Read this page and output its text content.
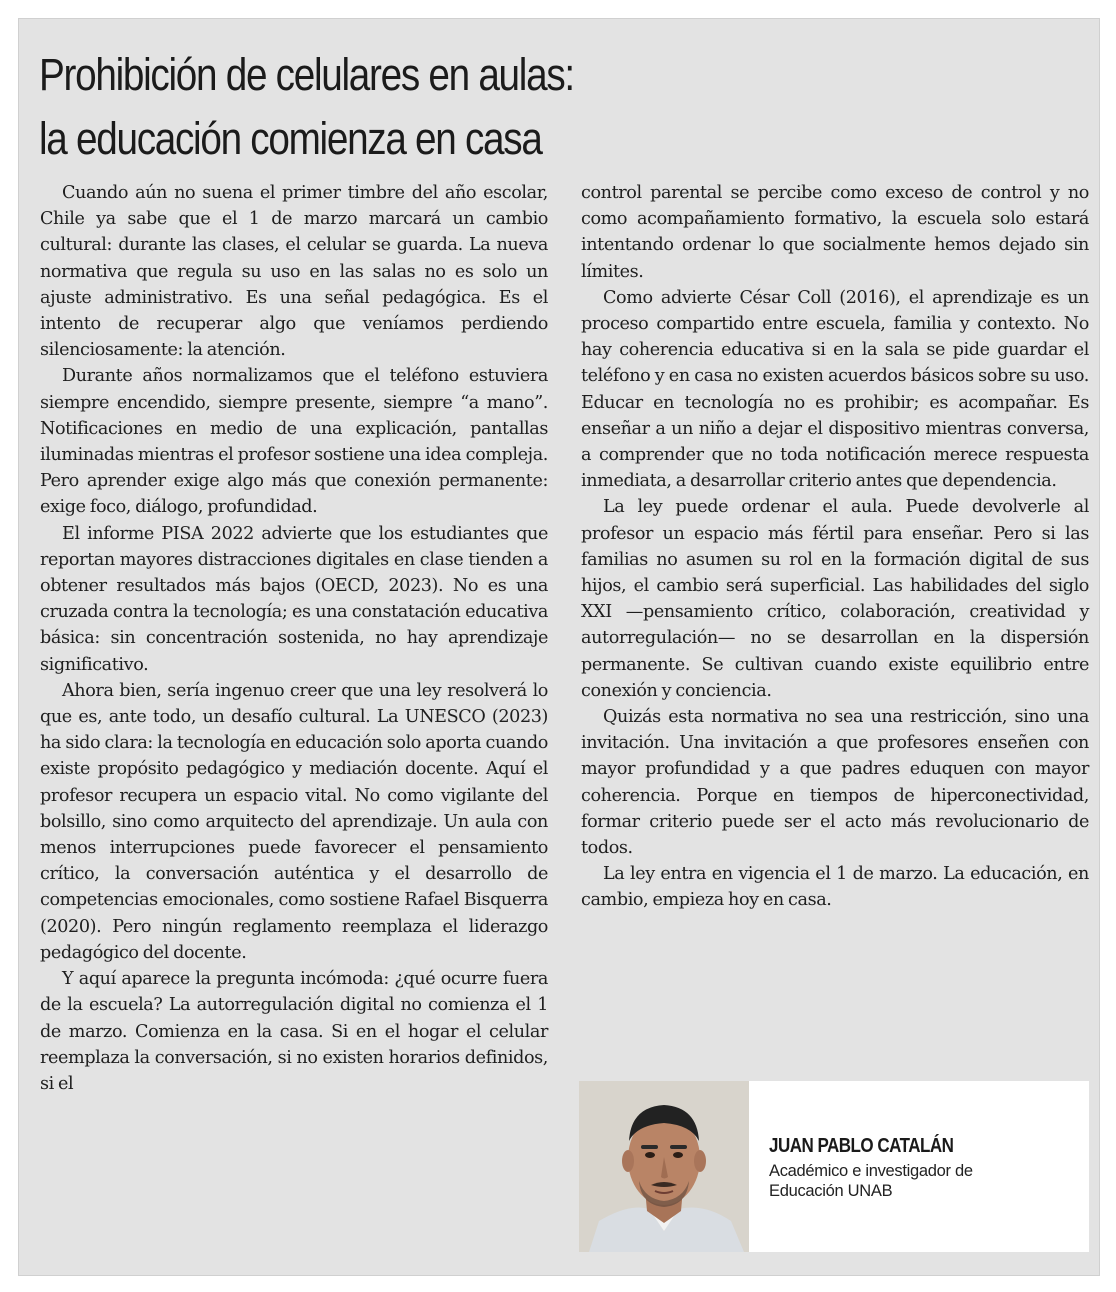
Prohibición de celulares en aulas:
la educación comienza en casa

Cuando aún no suena el primer timbre del año escolar, Chile ya sabe que el 1 de marzo marcará un cambio cultural: durante las clases, el celular se guarda. La nueva normativa que regula su uso en las salas no es solo un ajuste administrativo. Es una señal pedagógica. Es el intento de recuperar algo que veníamos perdiendo silenciosamente: la atención.

Durante años normalizamos que el teléfono estuviera siempre encendido, siempre presente, siempre “a mano”. Notificaciones en medio de una explicación, pantallas iluminadas mientras el profesor sostiene una idea compleja. Pero aprender exige algo más que conexión permanente: exige foco, diálogo, profundidad.

El informe PISA 2022 advierte que los estudiantes que reportan mayores distracciones digitales en clase tienden a obtener resultados más bajos (OECD, 2023). No es una cruzada contra la tecnología; es una constatación educativa básica: sin concentración sostenida, no hay aprendizaje significativo.

Ahora bien, sería ingenuo creer que una ley resolverá lo que es, ante todo, un desafío cultural. La UNESCO (2023) ha sido clara: la tecnología en educación solo aporta cuando existe propósito pedagógico y mediación docente. Aquí el profesor recupera un espacio vital. No como vigilante del bolsillo, sino como arquitecto del aprendizaje. Un aula con menos interrupciones puede favorecer el pensamiento crítico, la conversación auténtica y el desarrollo de competencias emocionales, como sostiene Rafael Bisquerra (2020). Pero ningún reglamento reemplaza el liderazgo pedagógico del docente.

Y aquí aparece la pregunta incómoda: ¿qué ocurre fuera de la escuela? La autorregulación digital no comienza el 1 de marzo. Comienza en la casa. Si en el hogar el celular reemplaza la conversación, si no existen horarios definidos, si el

control parental se percibe como exceso de control y no como acompañamiento formativo, la escuela solo estará intentando ordenar lo que socialmente hemos dejado sin límites.

Como advierte César Coll (2016), el aprendizaje es un proceso compartido entre escuela, familia y contexto. No hay coherencia educativa si en la sala se pide guardar el teléfono y en casa no existen acuerdos básicos sobre su uso. Educar en tecnología no es prohibir; es acompañar. Es enseñar a un niño a dejar el dispositivo mientras conversa, a comprender que no toda notificación merece respuesta inmediata, a desarrollar criterio antes que dependencia.

La ley puede ordenar el aula. Puede devolverle al profesor un espacio más fértil para enseñar. Pero si las familias no asumen su rol en la formación digital de sus hijos, el cambio será superficial. Las habilidades del siglo XXI —pensamiento crítico, colaboración, creatividad y autorregulación— no se desarrollan en la dispersión permanente. Se cultivan cuando existe equilibrio entre conexión y conciencia.

Quizás esta normativa no sea una restricción, sino una invitación. Una invitación a que profesores enseñen con mayor profundidad y a que padres eduquen con mayor coherencia. Porque en tiempos de hiperconectividad, formar criterio puede ser el acto más revolucionario de todos.

La ley entra en vigencia el 1 de marzo. La educación, en cambio, empieza hoy en casa.

JUAN PABLO CATALÁN
Académico e investigador de Educación UNAB
